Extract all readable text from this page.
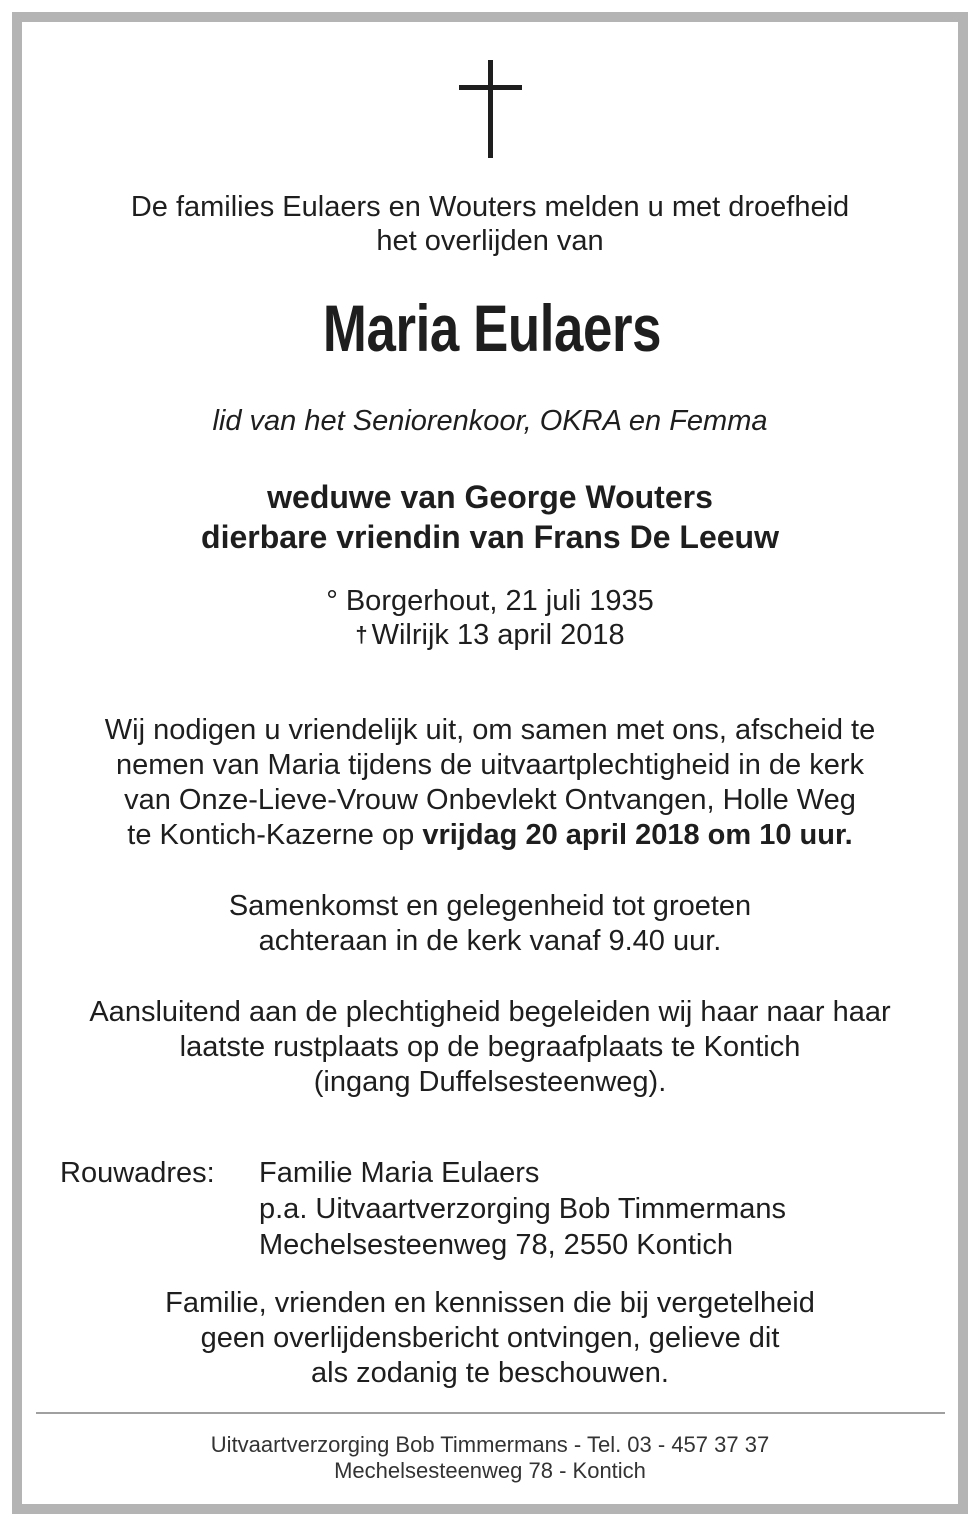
De families Eulaers en Wouters melden u met droefheid
het overlijden van
Maria Eulaers
lid van het Seniorenkoor, OKRA en Femma
weduwe van George Wouters
dierbare vriendin van Frans De Leeuw
° Borgerhout, 21 juli 1935
† Wilrijk 13 april 2018
Wij nodigen u vriendelijk uit, om samen met ons, afscheid te
nemen van Maria tijdens de uitvaartplechtigheid in de kerk
van Onze-Lieve-Vrouw Onbevlekt Ontvangen, Holle Weg
te Kontich-Kazerne op vrijdag 20 april 2018 om 10 uur.
Samenkomst en gelegenheid tot groeten
achteraan in de kerk vanaf 9.40 uur.
Aansluitend aan de plechtigheid begeleiden wij haar naar haar
laatste rustplaats op de begraafplaats te Kontich
(ingang Duffelsesteenweg).
Rouwadres: Familie Maria Eulaers
p.a. Uitvaartverzorging Bob Timmermans
Mechelsesteenweg 78, 2550 Kontich
Familie, vrienden en kennissen die bij vergetelheid
geen overlijdensbericht ontvingen, gelieve dit
als zodanig te beschouwen.
Uitvaartverzorging Bob Timmermans - Tel. 03 - 457 37 37
Mechelsesteenweg 78 - Kontich
